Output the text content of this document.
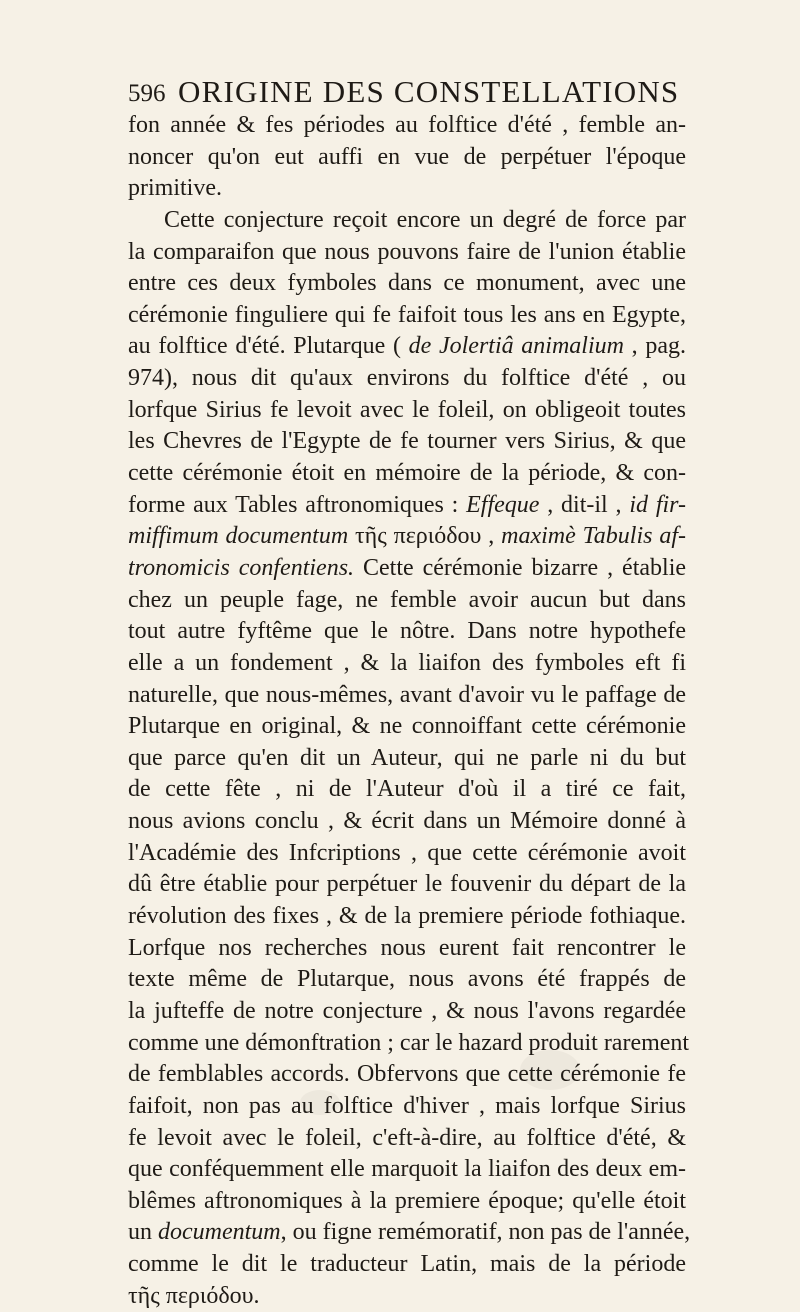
596 ORIGINE DES CONSTELLATIONS
fon année & fes périodes au folftice d'été , femble an-
noncer qu'on eut auffi en vue de perpétuer l'époque
primitive.
Cette conjecture reçoit encore un degré de force par
la comparaifon que nous pouvons faire de l'union établie
entre ces deux fymboles dans ce monument, avec une
cérémonie finguliere qui fe faifoit tous les ans en Egypte,
au folftice d'été. Plutarque ( de Jolertiâ animalium , pag.
974), nous dit qu'aux environs du folftice d'été , ou
lorfque Sirius fe levoit avec le foleil, on obligeoit toutes
les Chevres de l'Egypte de fe tourner vers Sirius, & que
cette cérémonie étoit en mémoire de la période, & con-
forme aux Tables aftronomiques : Effeque , dit-il , id fir-
miffimum documentum τῆς περιόδου , maximè Tabulis af-
tronomicis confentiens. Cette cérémonie bizarre , établie
chez un peuple fage, ne femble avoir aucun but dans
tout autre fyftême que le nôtre. Dans notre hypothefe
elle a un fondement , & la liaifon des fymboles eft fi
naturelle, que nous-mêmes, avant d'avoir vu le paffage de
Plutarque en original, & ne connoiffant cette cérémonie
que parce qu'en dit un Auteur, qui ne parle ni du but
de cette fête , ni de l'Auteur d'où il a tiré ce fait,
nous avions conclu , & écrit dans un Mémoire donné à
l'Académie des Infcriptions , que cette cérémonie avoit
dû être établie pour perpétuer le fouvenir du départ de la
révolution des fixes , & de la premiere période fothiaque.
Lorfque nos recherches nous eurent fait rencontrer le
texte même de Plutarque, nous avons été frappés de
la jufteffe de notre conjecture , & nous l'avons regardée
comme une démonftration ; car le hazard produit rarement
de femblables accords. Obfervons que cette cérémonie fe
faifoit, non pas au folftice d'hiver , mais lorfque Sirius
fe levoit avec le foleil, c'eft-à-dire, au folftice d'été, &
que conféquemment elle marquoit la liaifon des deux em-
blêmes aftronomiques à la premiere époque; qu'elle étoit
un documentum, ou figne remémoratif, non pas de l'année,
comme le dit le traducteur Latin, mais de la période
τῆς περιόδου.
